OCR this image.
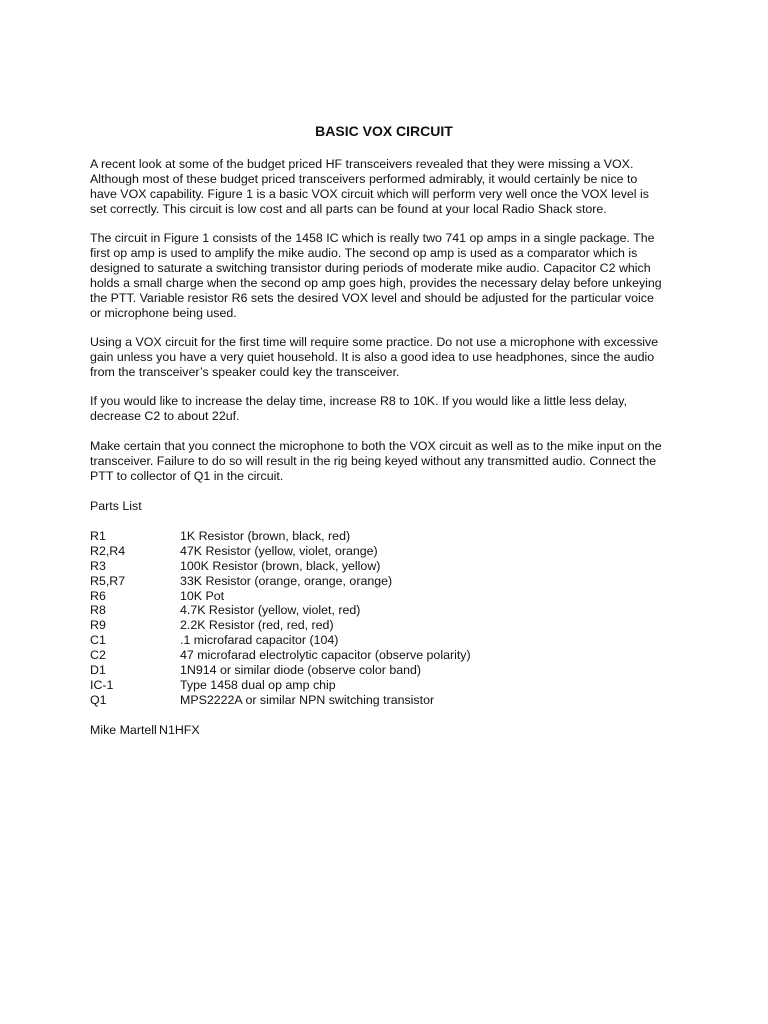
BASIC VOX CIRCUIT
A recent look at some of the budget priced HF transceivers revealed that they were missing a VOX.
Although most of these budget priced transceivers performed admirably, it would certainly be nice to
have VOX capability. Figure 1 is a basic VOX circuit which will perform very well once the VOX level is
set correctly. This circuit is low cost and all parts can be found at your local Radio Shack store.
The circuit in Figure 1 consists of the 1458 IC which is really two 741 op amps in a single package. The
first op amp is used to amplify the mike audio. The second op amp is used as a comparator which is
designed to saturate a switching transistor during periods of moderate mike audio. Capacitor C2 which
holds a small charge when the second op amp goes high, provides the necessary delay before unkeying
the PTT. Variable resistor R6 sets the desired VOX level and should be adjusted for the particular voice
or microphone being used.
Using a VOX circuit for the first time will require some practice. Do not use a microphone with excessive
gain unless you have a very quiet household. It is also a good idea to use headphones, since the audio
from the transceiver’s speaker could key the transceiver.
If you would like to increase the delay time, increase R8 to 10K. If you would like a little less delay,
decrease C2 to about 22uf.
Make certain that you connect the microphone to both the VOX circuit as well as to the mike input on the
transceiver. Failure to do so will result in the rig being keyed without any transmitted audio. Connect the
PTT to collector of Q1 in the circuit.

Parts List

R1	1K Resistor (brown, black, red)
R2,R4	47K Resistor (yellow, violet, orange)
R3	100K Resistor (brown, black, yellow)
R5,R7	33K Resistor (orange, orange, orange)
R6	10K Pot
R8	4.7K Resistor (yellow, violet, red)
R9	2.2K Resistor (red, red, red)
C1	.1 microfarad capacitor (104)
C2	47 microfarad electrolytic capacitor (observe polarity)
D1	1N914 or similar diode (observe color band)
IC-1	Type 1458 dual op amp chip
Q1	MPS2222A or similar NPN switching transistor
Mike Martell N1HFX
